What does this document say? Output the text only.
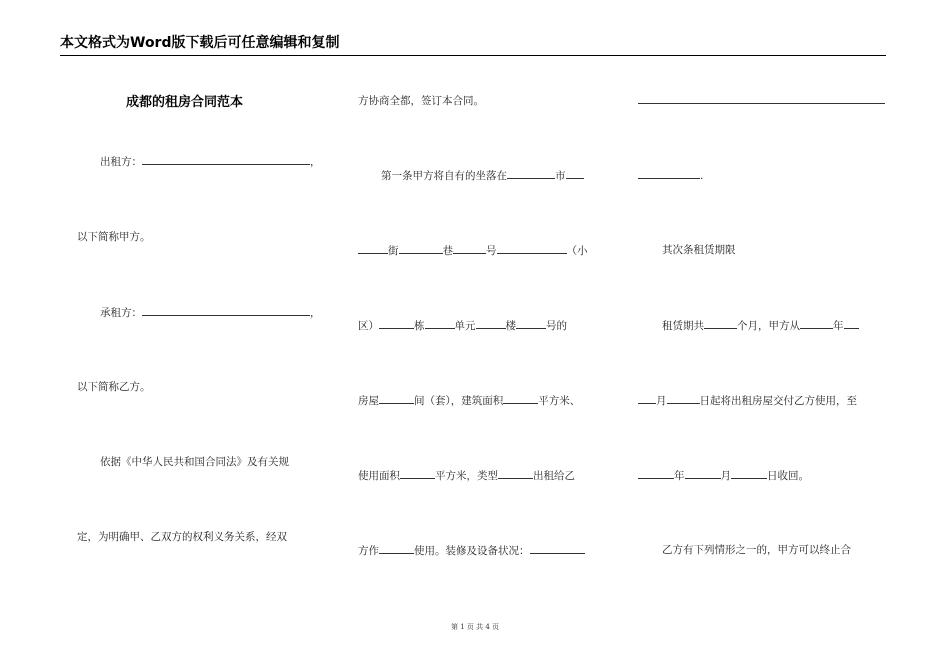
本文格式为Word版下载后可任意编辑和复制
成都的租房合同范本
出租方：	，
以下简称甲方。
承租方：	，
以下简称乙方。
依据《中华人民共和国合同法》及有关规
定，为明确甲、乙双方的权利义务关系，经双
方协商全都，签订本合同。
第一条甲方将自有的坐落在	市
街	巷	号	（小
区）	栋	单元	楼	号的
房屋	间（套），建筑面积	平方米、
使用面积	平方米，类型	出租给乙
方作	使用。装修及设备状况：
.
其次条租赁期限
租赁期共	个月，甲方从	年
月	日起将出租房屋交付乙方使用，至
年	月	日收回。
乙方有下列情形之一的，甲方可以终止合
第 1 页 共 4 页
